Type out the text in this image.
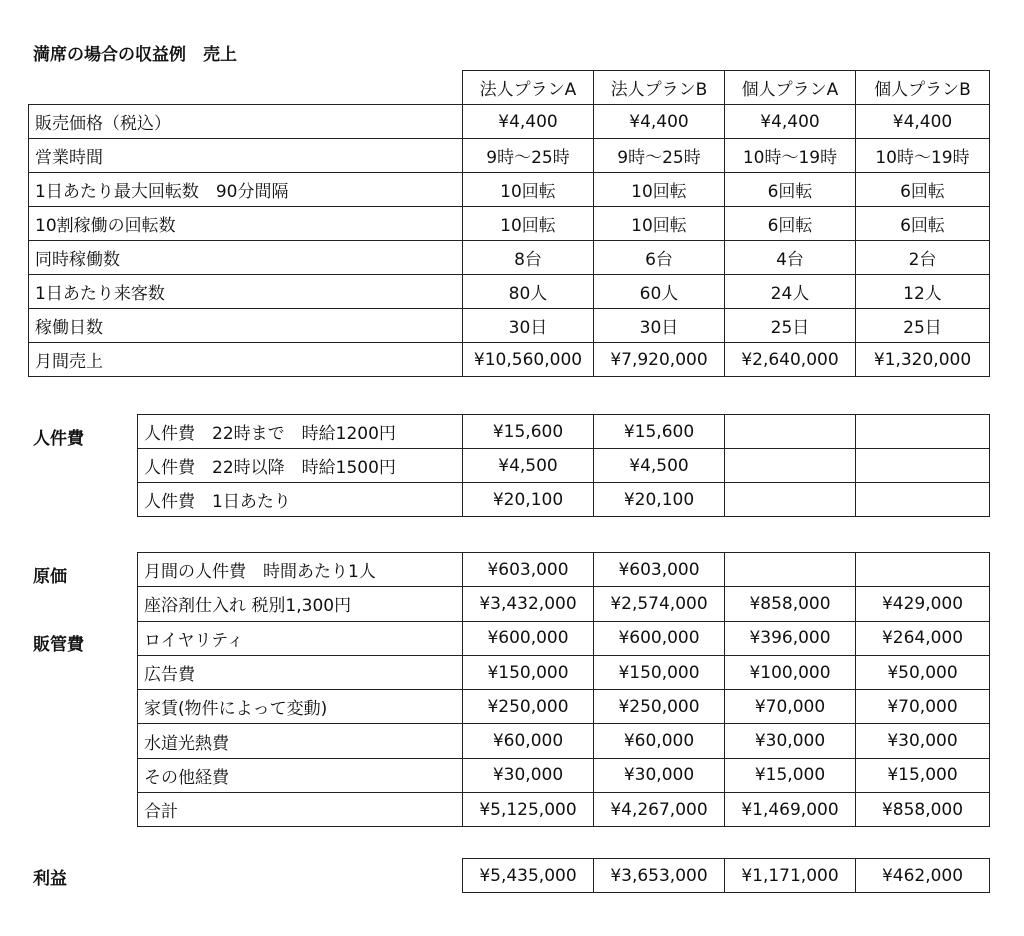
満席の場合の収益例　売上
	法人プランA	法人プランB	個人プランA	個人プランB
販売価格（税込）	¥4,400	¥4,400	¥4,400	¥4,400
営業時間	9時～25時	9時～25時	10時～19時	10時～19時
1日あたり最大回転数　90分間隔	10回転	10回転	6回転	6回転
10割稼働の回転数	10回転	10回転	6回転	6回転
同時稼働数	8台	6台	4台	2台
1日あたり来客数	80人	60人	24人	12人
稼働日数	30日	30日	25日	25日
月間売上	¥10,560,000	¥7,920,000	¥2,640,000	¥1,320,000
人件費	人件費　22時まで　時給1200円	¥15,600	¥15,600		
人件費　22時以降　時給1500円	¥4,500	¥4,500		
人件費　1日あたり	¥20,100	¥20,100		
原価
販管費
月間の人件費　時間あたり1人	¥603,000	¥603,000		
座浴剤仕入れ 税別1,300円	¥3,432,000	¥2,574,000	¥858,000	¥429,000
ロイヤリティ	¥600,000	¥600,000	¥396,000	¥264,000
広告費	¥150,000	¥150,000	¥100,000	¥50,000
家賃(物件によって変動)	¥250,000	¥250,000	¥70,000	¥70,000
水道光熱費	¥60,000	¥60,000	¥30,000	¥30,000
その他経費	¥30,000	¥30,000	¥15,000	¥15,000
合計	¥5,125,000	¥4,267,000	¥1,469,000	¥858,000
利益	¥5,435,000	¥3,653,000	¥1,171,000	¥462,000
